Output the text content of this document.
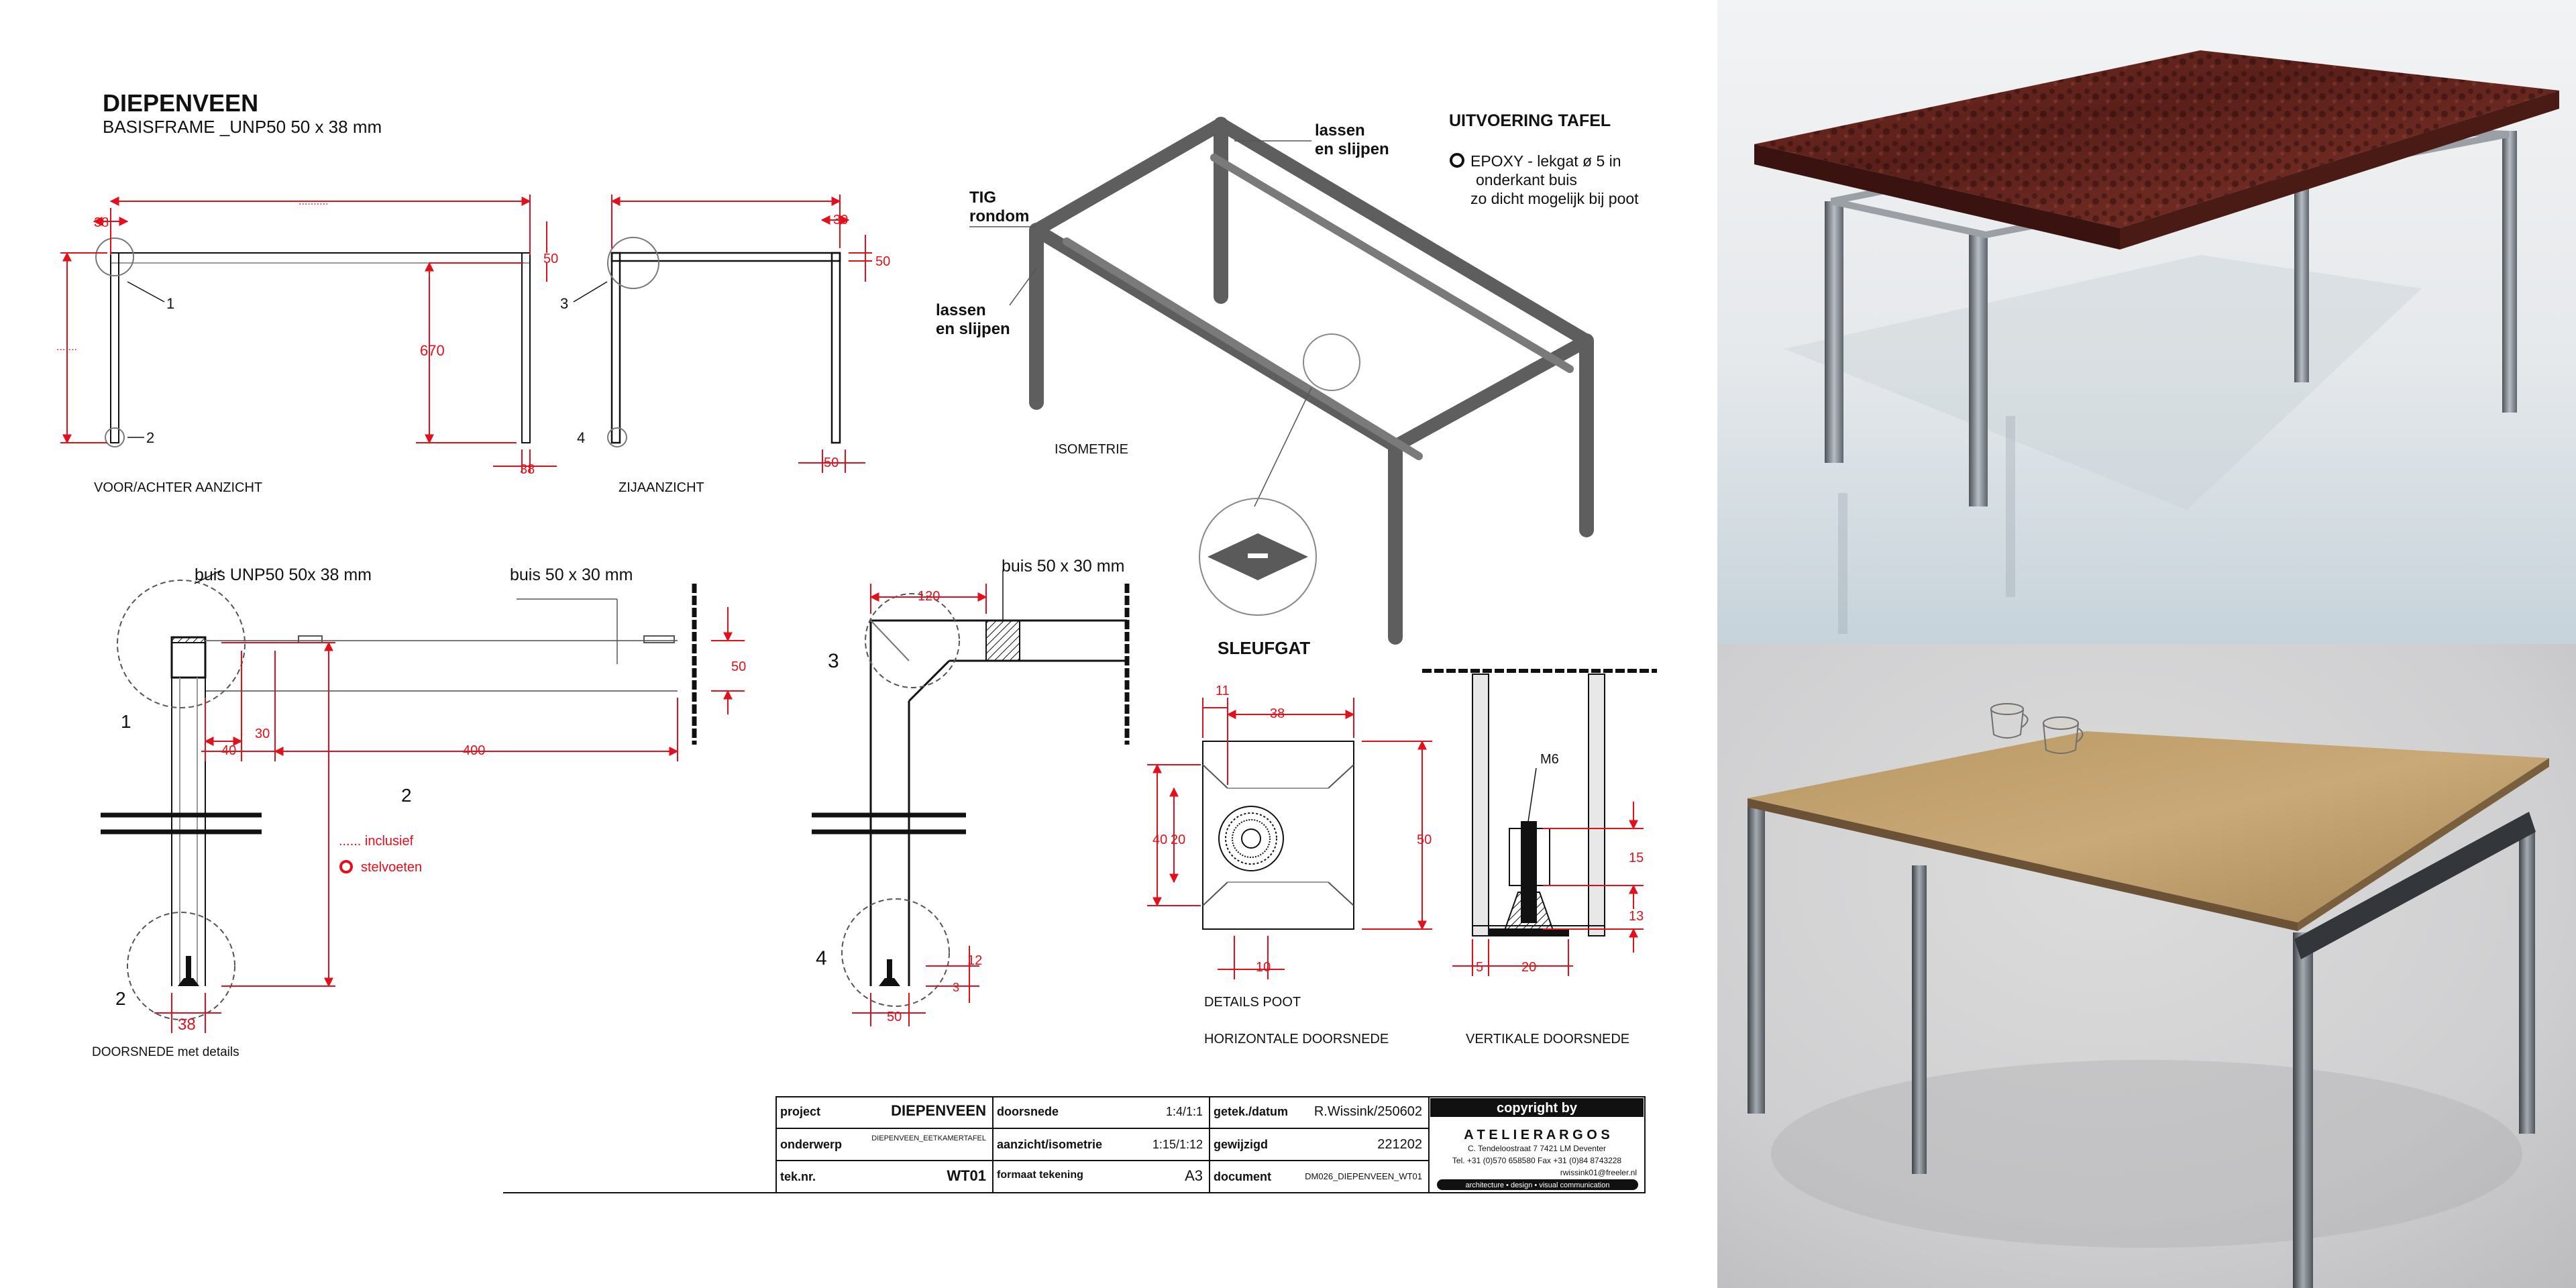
DIEPENVEEN
BASISFRAME _UNP50 50 x 38 mm
1
2
38
..........
50
670
38
.......
VOOR/ACHTER AANZICHT
3
4
30
50
50
ZIJAANZICHT
TIG
rondom
lassen
en slijpen
lassen
en slijpen
ISOMETRIE
UITVOERING TAFEL
EPOXY - lekgat ø 5 in
onderkant buis
zo dicht mogelijk bij poot
SLEUFGAT
buis UNP50 50x 38 mm	buis 50 x 30 mm
1
2
2
50
30
40	400
38
...... inclusief
stelvoeten
DOORSNEDE met details
buis 50 x 30 mm
3
4
120
12
3
50
11
38
40 20
10
50
DETAILS POOT
HORIZONTALE DOORSNEDE
M6
15
13
5	20
VERTIKALE DOORSNEDE
project	DIEPENVEEN doorsnede	1:4/1:1 getek./datum R.Wissink/250602
onderwerp	DIEPENVEEN_EETKAMERTAFEL aanzicht/isometrie	1:15/1:12 gewijzigd	221202
tek.nr.	WT01 formaat tekening	A3 document	DM026_DIEPENVEEN_WT01
copyright by
A T E L I E R A R G O S
C. Tendeloostraat 7 7421 LM Deventer
Tel. +31 (0)570 658580 Fax +31 (0)84 8743228
rwissink01@freeler.nl
architecture • design • visual communication
